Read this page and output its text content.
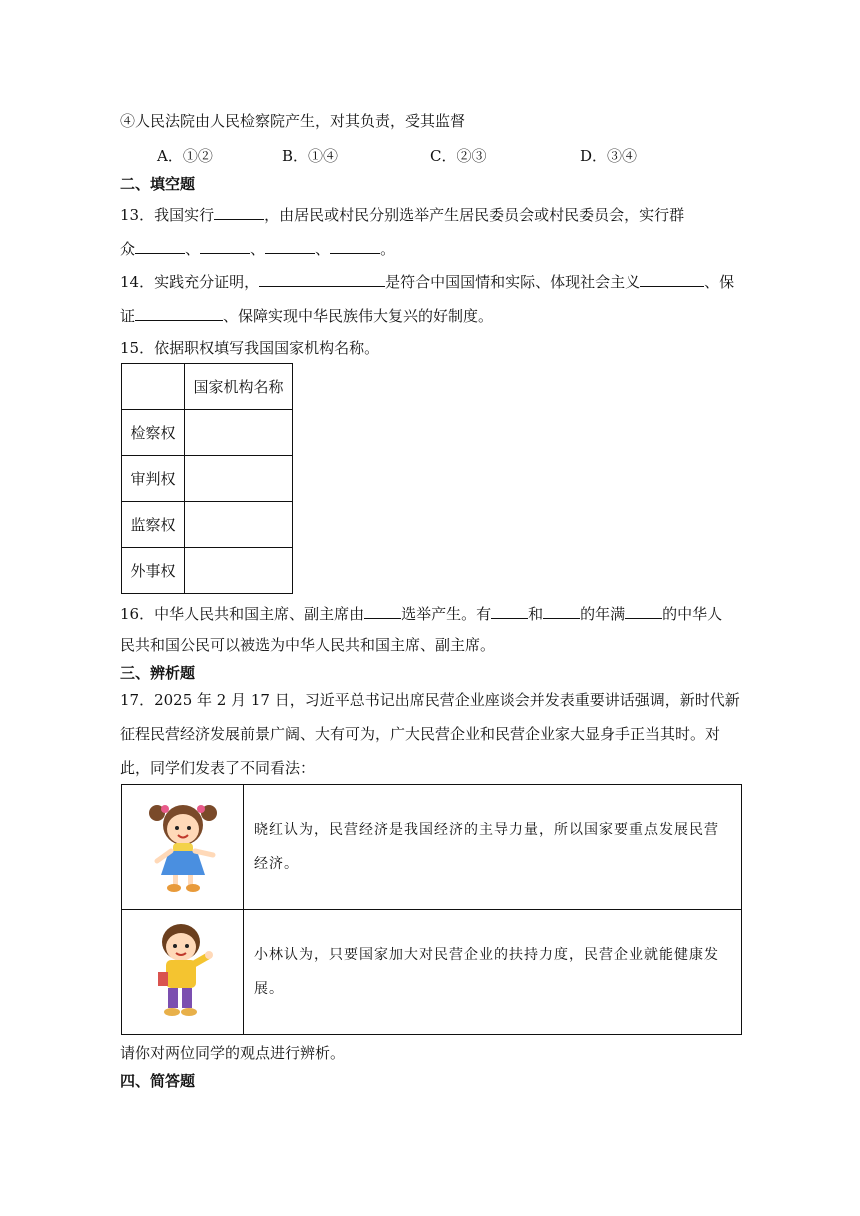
④人民法院由人民检察院产生，对其负责，受其监督
A．①②	B．①④	C．②③	D．③④
二、填空题
13．我国实行	，由居民或村民分别选举产生居民委员会或村民委员会，实行群
众	、	、	、	。
14．实践充分证明，	是符合中国国情和实际、体现社会主义	、保
证	、保障实现中华民族伟大复兴的好制度。
15．依据职权填写我国国家机构名称。
	国家机构名称
检察权	
审判权	
监察权	
外事权	
16．中华人民共和国主席、副主席由 选举产生。有 和 的年满 的中华人
民共和国公民可以被选为中华人民共和国主席、副主席。
三、辨析题
17．2025 年 2 月 17 日，习近平总书记出席民营企业座谈会并发表重要讲话强调，新时代新
征程民营经济发展前景广阔、大有可为，广大民营企业和民营企业家大显身手正当其时。对
此，同学们发表了不同看法：
	晓红认为，民营经济是我国经济的主导力量，所以国家要重点发展民营经济。
	小林认为，只要国家加大对民营企业的扶持力度，民营企业就能健康发展。
请你对两位同学的观点进行辨析。
四、简答题
